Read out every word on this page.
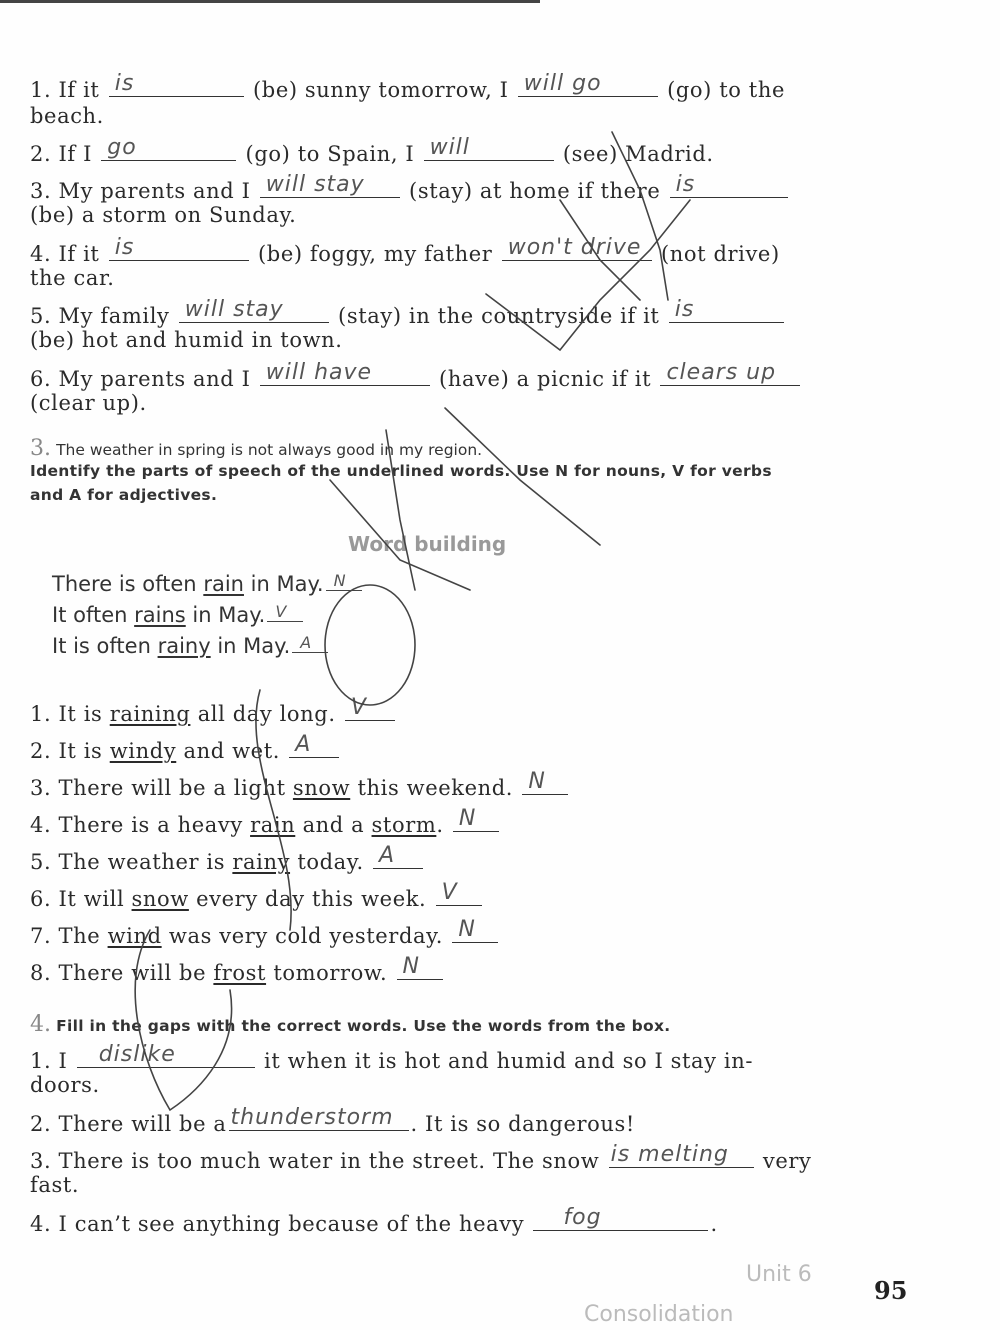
1. If it is	(be) sunny tomorrow, I will go	(go) to the
beach.
2. If I go	(go) to Spain, I will	(see) Madrid.
3. My parents and I will stay (stay) at home if there is
(be) a storm on Sunday.
4. If it is	(be) foggy, my father won't drive (not drive)
the car.
5. My family will stay	(stay) in the countryside if it is
(be) hot and humid in town.
6. My parents and I will have	(have) a picnic if it clears up
(clear up).
3. The weather in spring is not always good in my region.
Identify the parts of speech of the underlined words. Use N for nouns, V for verbs
and A for adjectives.
Word building
There is often rain in May. N
It often rains in May. V
It is often rainy in May. A
1. It is raining all day long. V
2. It is windy and wet. A
3. There will be a light snow this weekend. N
4. There is a heavy rain and a storm. N
5. The weather is rainy today. A
6. It will snow every day this week. V
7. The wind was very cold yesterday. N
8. There will be frost tomorrow. N
4. Fill in the gaps with the correct words. Use the words from the box.
1. I dislike	it when it is hot and humid and so I stay in-
doors.
2. There will be a thunderstorm . It is so dangerous!
3. There is too much water in the street. The snow is melting very
fast.
4. I can’t see anything because of the heavy fog	.
Unit 6
Consolidation
95
